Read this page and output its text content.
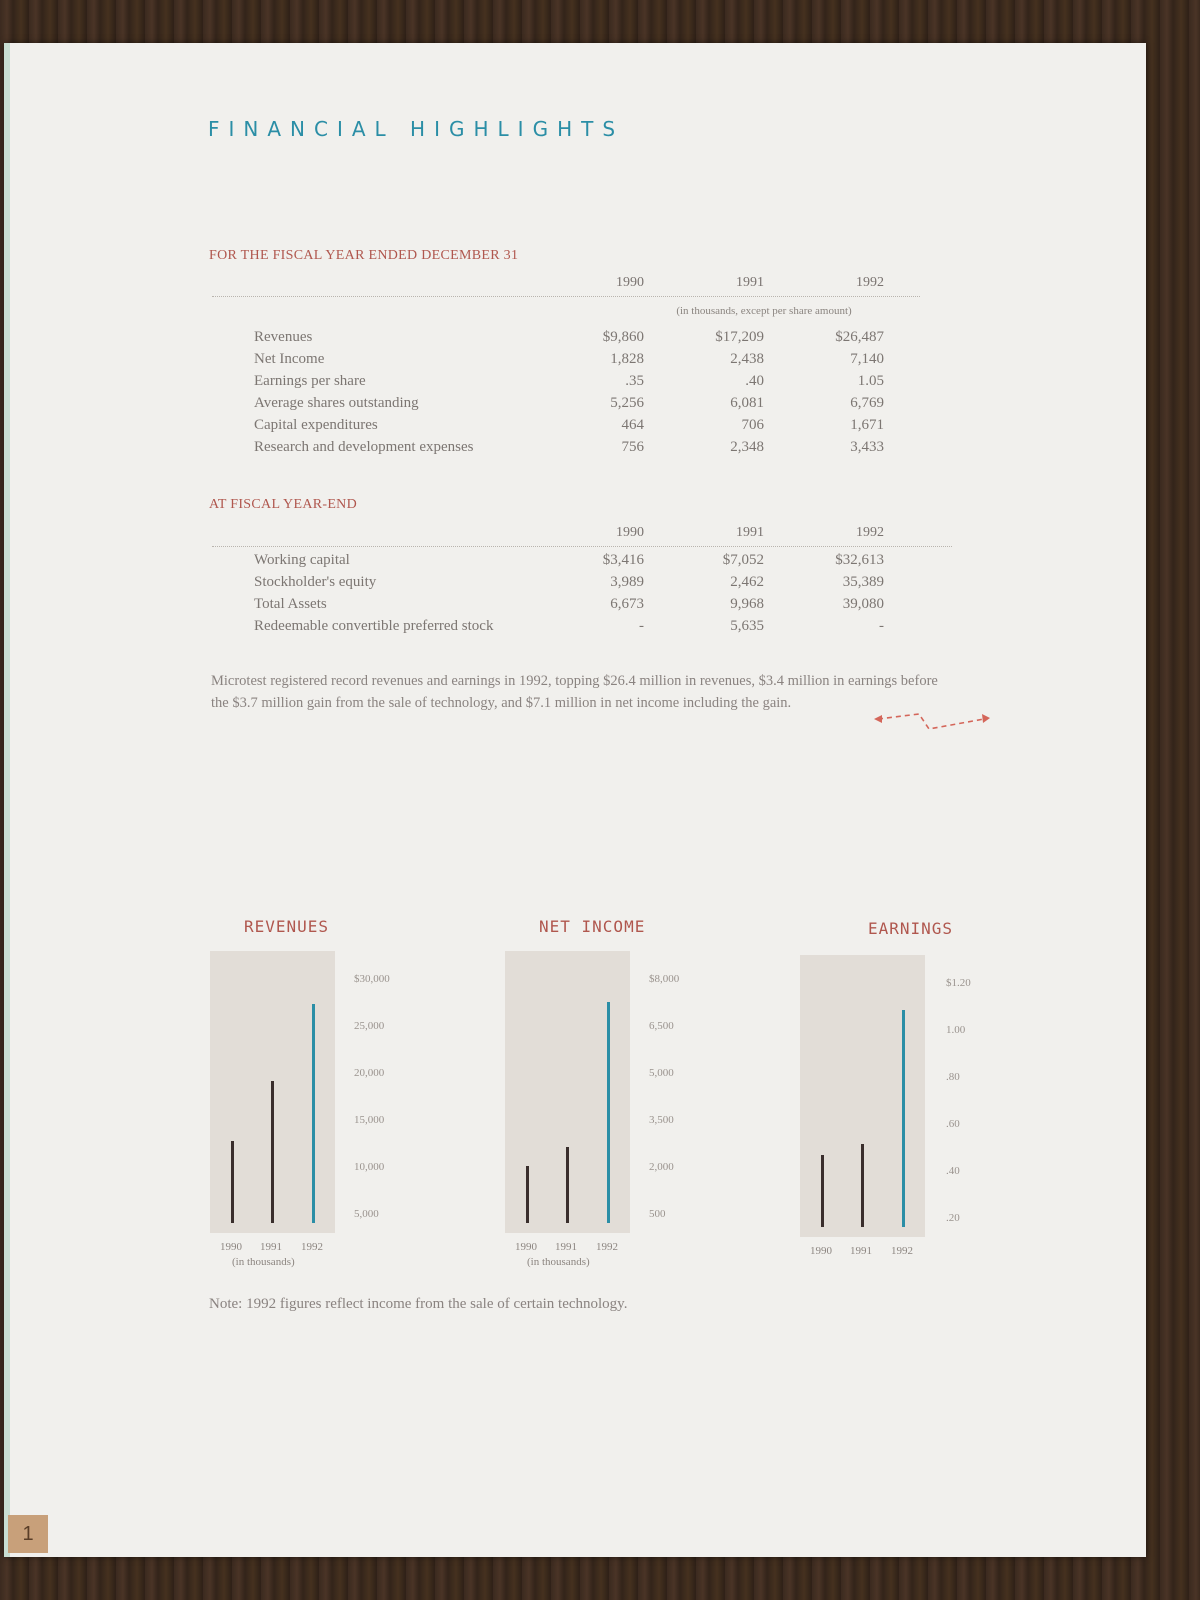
FINANCIAL HIGHLIGHTS
FOR THE FISCAL YEAR ENDED DECEMBER 31
1990	1991	1992
(in thousands, except per share amount)
Revenues	$9,860	$17,209	$26,487
Net Income	1,828	2,438	7,140
Earnings per share	.35	.40	1.05
Average shares outstanding	5,256	6,081	6,769
Capital expenditures	464	706	1,671
Research and development expenses	756	2,348	3,433
AT FISCAL YEAR-END
1990	1991	1992
Working capital	$3,416	$7,052	$32,613
Stockholder's equity	3,989	2,462	35,389
Total Assets	6,673	9,968	39,080
Redeemable convertible preferred stock	-	5,635	-
Microtest registered record revenues and earnings in 1992, topping $26.4 million in revenues, $3.4 million in earnings before the $3.7 million gain from the sale of technology, and $7.1 million in net income including the gain.
REVENUES
$30,000
25,000
20,000
15,000
10,000
5,000
1990	1991	1992
(in thousands)
NET INCOME
$8,000
6,500
5,000
3,500
2,000
500
1990	1991	1992
(in thousands)
EARNINGS
$1.20
1.00
.80
.60
.40
.20
1990	1991	1992
Note: 1992 figures reflect income from the sale of certain technology.
1
